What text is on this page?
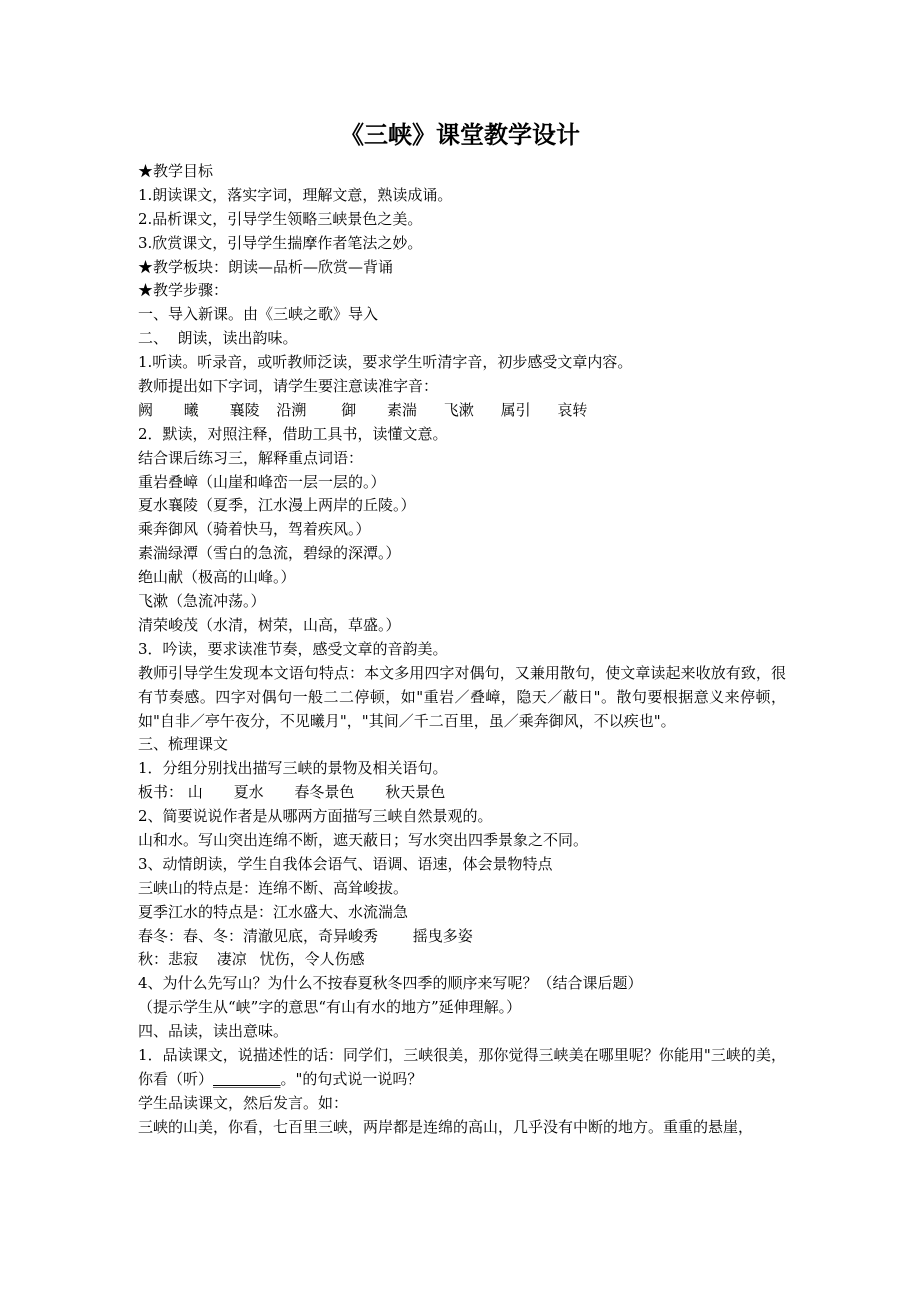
《三峡》课堂教学设计
★教学目标
1.朗读课文，落实字词，理解文意，熟读成诵。
2.品析课文，引导学生领略三峡景色之美。
3.欣赏课文，引导学生揣摩作者笔法之妙。
★教学板块：朗读—品析—欣赏—背诵
★教学步骤：
一、导入新课。由《三峡之歌》导入
二、  朗读，读出韵味。
1.听读。听录音，或听教师泛读，要求学生听清字音，初步感受文章内容。
教师提出如下字词，请学生要注意读准字音：
阙 曦 襄陵 沿溯 御 素湍 飞漱 属引 哀转
2．默读，对照注释，借助工具书，读懂文意。
结合课后练习三，解释重点词语：
重岩叠嶂（山崖和峰峦一层一层的。）
夏水襄陵（夏季，江水漫上两岸的丘陵。）
乘奔御风（骑着快马，驾着疾风。）
素湍绿潭（雪白的急流，碧绿的深潭。）
绝山献（极高的山峰。）
飞漱（急流冲荡。）
清荣峻茂（水清，树荣，山高，草盛。）
3．吟读，要求读准节奏，感受文章的音韵美。
教师引导学生发现本文语句特点：本文多用四字对偶句，又兼用散句，使文章读起来收放有致，很有节奏感。四字对偶句一般二二停顿，如"重岩／叠嶂，隐天／蔽日"。散句要根据意义来停顿，如"自非／亭午夜分，不见曦月"，"其间／千二百里，虽／乘奔御风，不以疾也"。
三、梳理课文
1．分组分别找出描写三峡的景物及相关语句。
板书： 山 夏水 春冬景色 秋天景色
2、简要说说作者是从哪两方面描写三峡自然景观的。
山和水。写山突出连绵不断，遮天蔽日；写水突出四季景象之不同。
3、动情朗读，学生自我体会语气、语调、语速，体会景物特点
三峡山的特点是：连绵不断、高耸峻拔。
夏季江水的特点是：江水盛大、水流湍急
春冬：春、冬：清澈见底，奇异峻秀 摇曳多姿
秋：悲寂 凄凉 忧伤，令人伤感
4、为什么先写山？为什么不按春夏秋冬四季的顺序来写呢？（结合课后题）
（提示学生从“峡”字的意思“有山有水的地方”延伸理解。）
四、品读，读出意味。
1．品读课文，说描述性的话：同学们，三峡很美，那你觉得三峡美在哪里呢？你能用"三峡的美，你看（听）_________。"的句式说一说吗？
学生品读课文，然后发言。如：
三峡的山美，你看，七百里三峡，两岸都是连绵的高山，几乎没有中断的地方。重重的悬崖，
